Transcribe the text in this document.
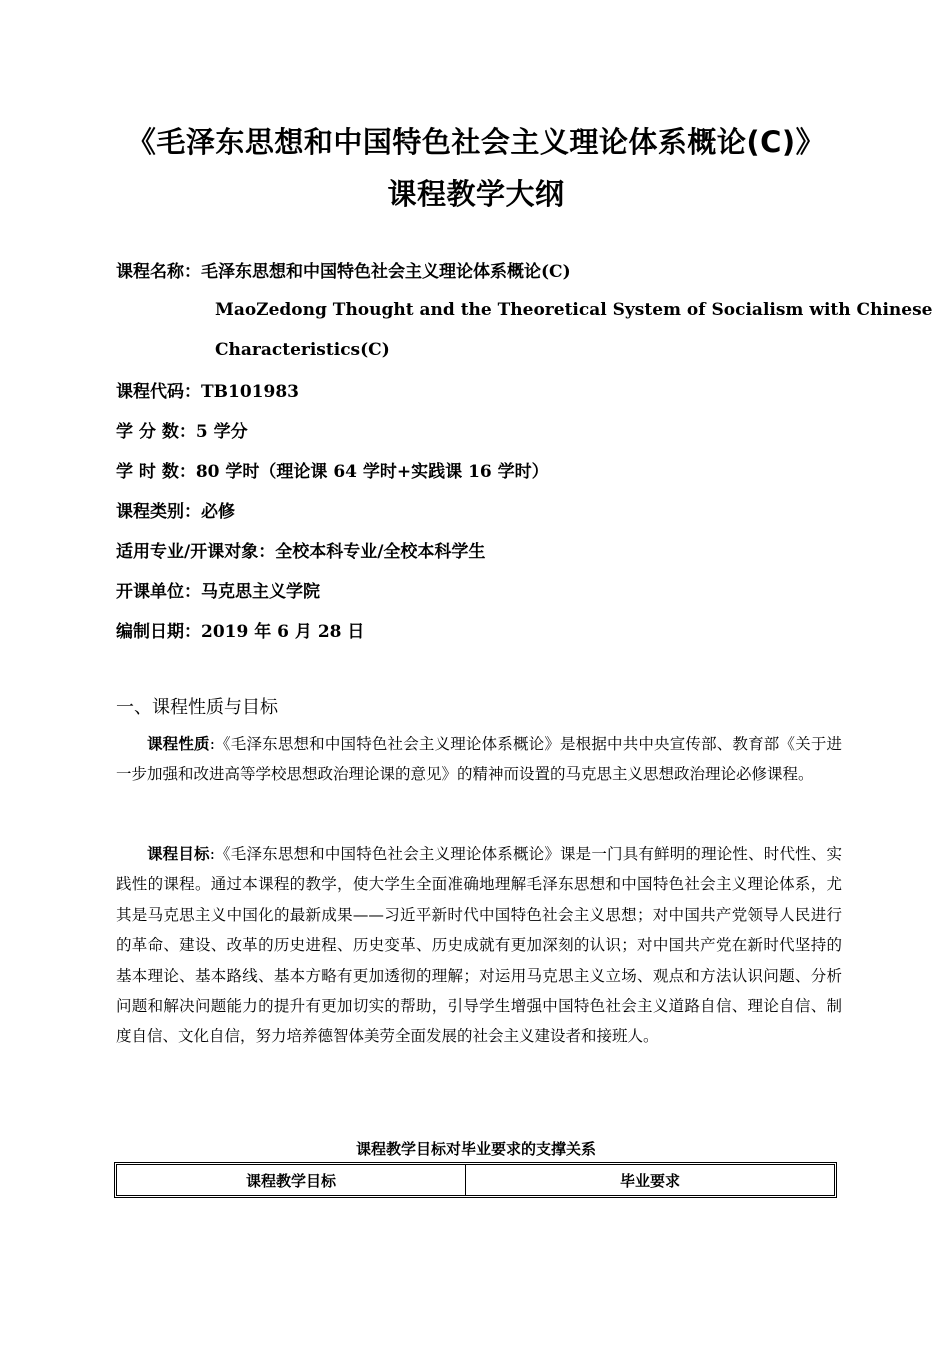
《毛泽东思想和中国特色社会主义理论体系概论(C)》
课程教学大纲
课程名称：毛泽东思想和中国特色社会主义理论体系概论(C)
MaoZedong Thought and the Theoretical System of Socialism with Chinese
Characteristics(C)
课程代码：TB101983
学 分 数：5 学分
学 时 数：80 学时（理论课 64 学时+实践课 16 学时）
课程类别：必修
适用专业/开课对象：全校本科专业/全校本科学生
开课单位：马克思主义学院
编制日期：2019 年 6 月 28 日
一、课程性质与目标
课程性质:《毛泽东思想和中国特色社会主义理论体系概论》是根据中共中央宣传部、教育部《关于进一步加强和改进高等学校思想政治理论课的意见》的精神而设置的马克思主义思想政治理论必修课程。
课程目标:《毛泽东思想和中国特色社会主义理论体系概论》课是一门具有鲜明的理论性、时代性、实践性的课程。通过本课程的教学，使大学生全面准确地理解毛泽东思想和中国特色社会主义理论体系，尤其是马克思主义中国化的最新成果——习近平新时代中国特色社会主义思想；对中国共产党领导人民进行的革命、建设、改革的历史进程、历史变革、历史成就有更加深刻的认识；对中国共产党在新时代坚持的基本理论、基本路线、基本方略有更加透彻的理解；对运用马克思主义立场、观点和方法认识问题、分析问题和解决问题能力的提升有更加切实的帮助，引导学生增强中国特色社会主义道路自信、理论自信、制度自信、文化自信，努力培养德智体美劳全面发展的社会主义建设者和接班人。
课程教学目标对毕业要求的支撑关系
课程教学目标	毕业要求
